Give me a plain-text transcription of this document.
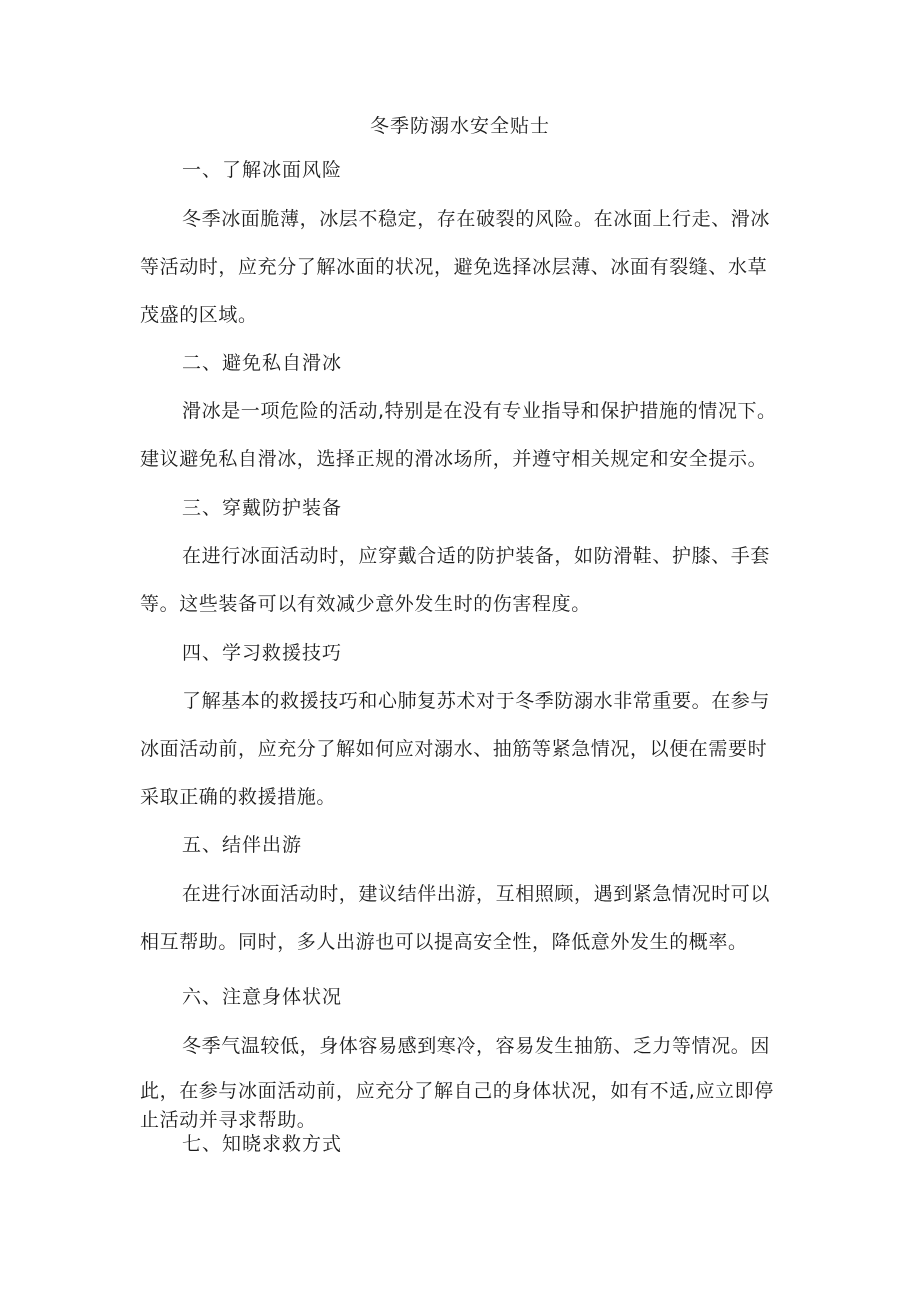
冬季防溺水安全贴士
一、了解冰面风险
冬季冰面脆薄，冰层不稳定，存在破裂的风险。在冰面上行走、滑冰
等活动时，应充分了解冰面的状况，避免选择冰层薄、冰面有裂缝、水草
茂盛的区域。
二、避免私自滑冰
滑冰是一项危险的活动,特别是在没有专业指导和保护措施的情况下。
建议避免私自滑冰，选择正规的滑冰场所，并遵守相关规定和安全提示。
三、穿戴防护装备
在进行冰面活动时，应穿戴合适的防护装备，如防滑鞋、护膝、手套
等。这些装备可以有效减少意外发生时的伤害程度。
四、学习救援技巧
了解基本的救援技巧和心肺复苏术对于冬季防溺水非常重要。在参与
冰面活动前，应充分了解如何应对溺水、抽筋等紧急情况，以便在需要时
采取正确的救援措施。
五、结伴出游
在进行冰面活动时，建议结伴出游，互相照顾，遇到紧急情况时可以
相互帮助。同时，多人出游也可以提高安全性，降低意外发生的概率。
六、注意身体状况
冬季气温较低，身体容易感到寒冷，容易发生抽筋、乏力等情况。因
此，在参与冰面活动前，应充分了解自己的身体状况，如有不适,应立即停
止活动并寻求帮助。
七、知晓求救方式
